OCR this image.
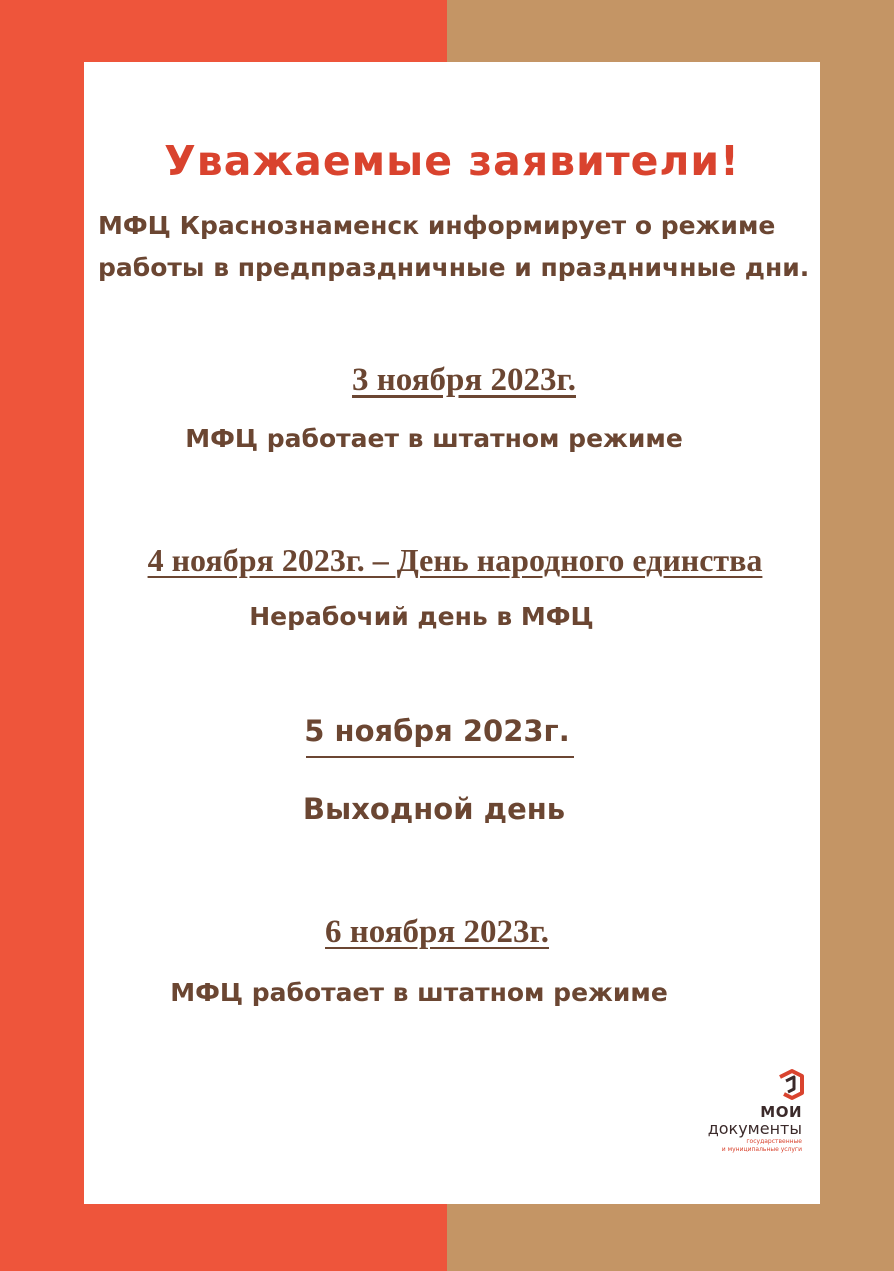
Уважаемые заявители!
МФЦ Краснознаменск информирует о режиме
работы в предпраздничные и праздничные дни.
3 ноября 2023г.
МФЦ работает в штатном режиме
4 ноября 2023г. – День народного единства
Нерабочий день в МФЦ
5 ноября 2023г.
Выходной день
6 ноября 2023г.
МФЦ работает в штатном режиме
МОИ
документы
государственные
и муниципальные услуги
